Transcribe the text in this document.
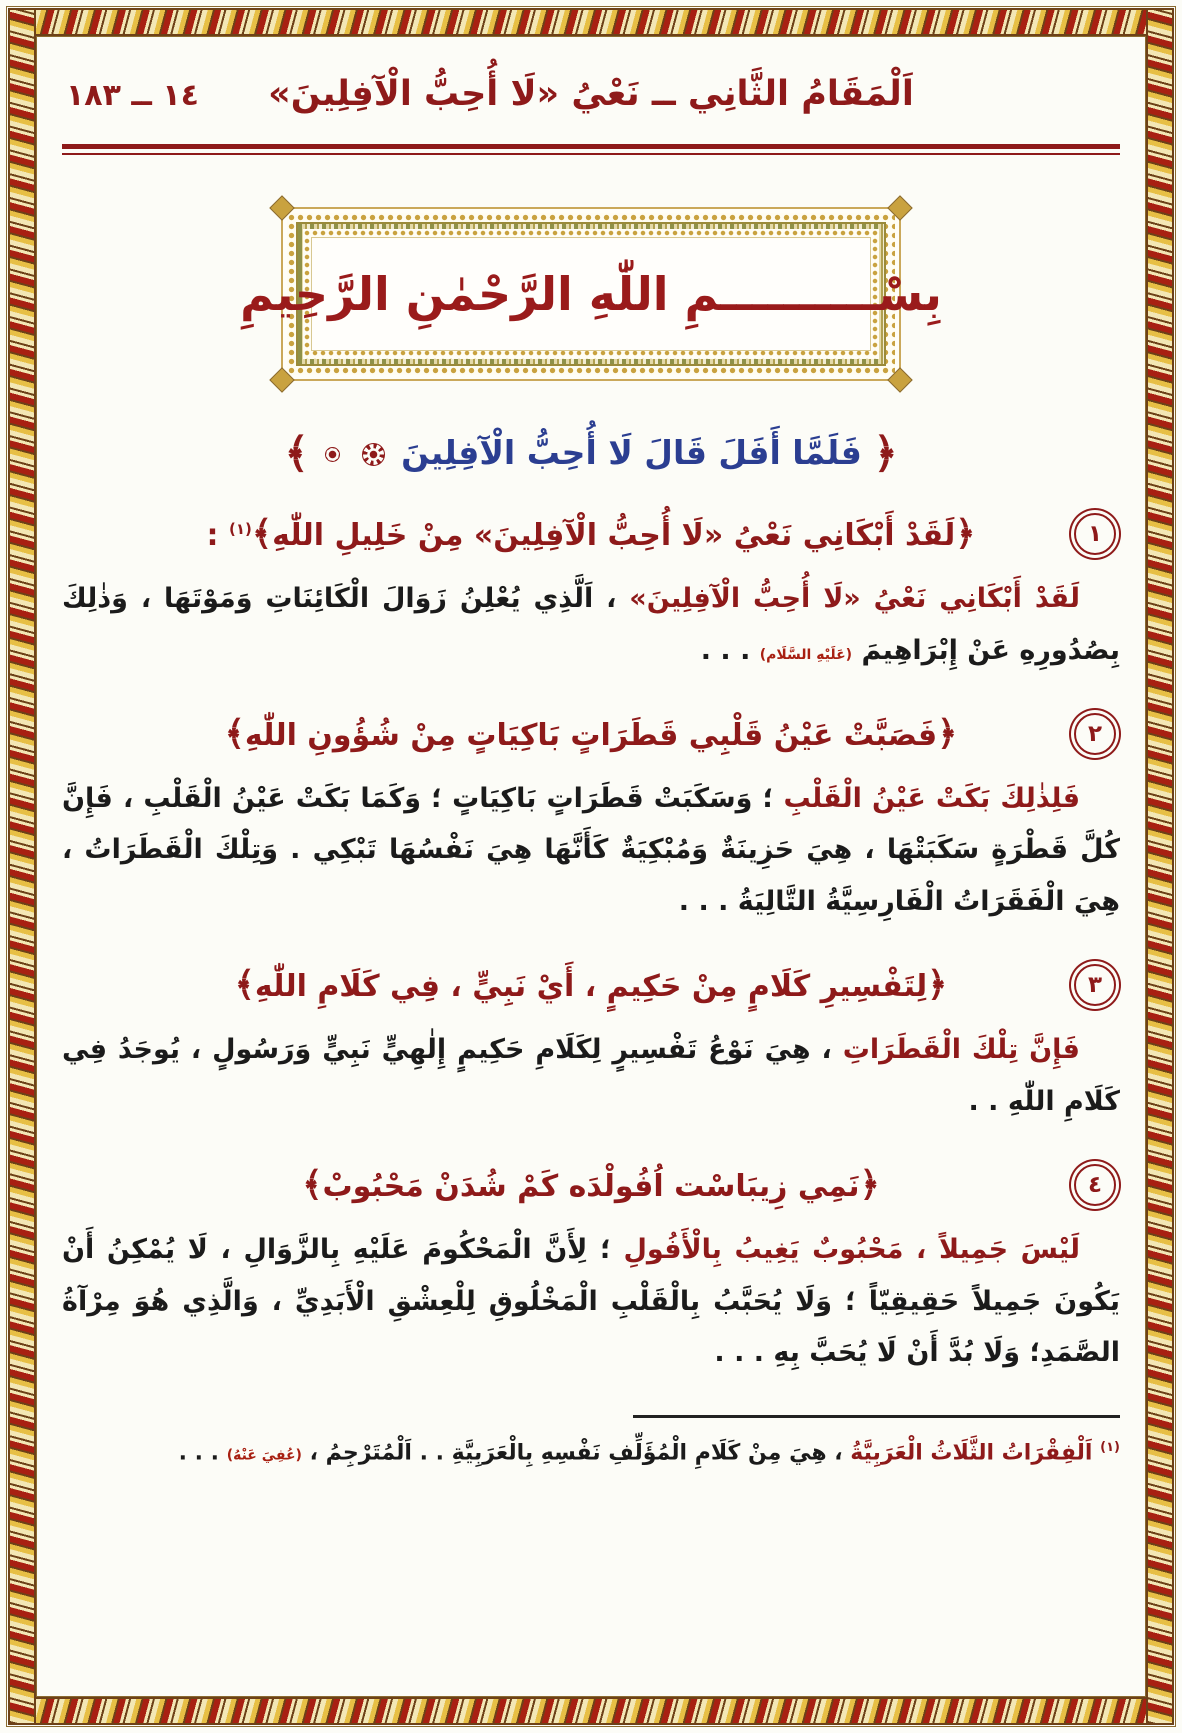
اَلْمَقَامُ الثَّانِي ــ نَعْيُ «لَا أُحِبُّ الْآفِلِينَ»
١٤ ــ ١٨٣
بِسْــــــــــمِ اللّٰهِ الرَّحْمٰنِ الرَّحِيمِ
﴿ فَلَمَّا أَفَلَ قَالَ لَا أُحِبُّ الْآفِلِينَ   ﴾
١
﴿لَقَدْ أَبْكَانِي نَعْيُ «لَا أُحِبُّ الْآفِلِينَ» مِنْ خَلِيلِ اللّٰهِ﴾$^{(١)}$ :

لَقَدْ أَبْكَانِي نَعْيُ «لَا أُحِبُّ الْآفِلِينَ» ، اَلَّذِي يُعْلِنُ زَوَالَ الْكَائِنَاتِ وَمَوْتَهَا ، وَذٰلِكَ بِصُدُورِهِ عَنْ إِبْرَاهِيمَ (عَلَيْهِ السَّلَام) . . .

٢
﴿فَصَبَّتْ عَيْنُ قَلْبِي قَطَرَاتٍ بَاكِيَاتٍ مِنْ شُؤُونِ اللّٰهِ﴾

فَلِذٰلِكَ بَكَتْ عَيْنُ الْقَلْبِ ؛ وَسَكَبَتْ قَطَرَاتٍ بَاكِيَاتٍ ؛ وَكَمَا بَكَتْ عَيْنُ الْقَلْبِ ، فَإِنَّ كُلَّ قَطْرَةٍ سَكَبَتْهَا ، هِيَ حَزِينَةٌ وَمُبْكِيَةٌ كَأَنَّهَا هِيَ نَفْسُهَا تَبْكِي . وَتِلْكَ الْقَطَرَاتُ ، هِيَ الْفَقَرَاتُ الْفَارِسِيَّةُ التَّالِيَةُ . . .

٣
﴿لِتَفْسِيرِ كَلَامٍ مِنْ حَكِيمٍ ، أَيْ نَبِيٍّ ، فِي كَلَامِ اللّٰهِ﴾

فَإِنَّ تِلْكَ الْقَطَرَاتِ ، هِيَ نَوْعُ تَفْسِيرٍ لِكَلَامِ حَكِيمٍ إِلٰهِيٍّ نَبِيٍّ وَرَسُولٍ ، يُوجَدُ فِي كَلَامِ اللّٰهِ . .

٤
﴿نَمِي زِيبَاسْت اُفُولْدَه كَمْ شُدَنْ مَحْبُوبْ﴾

لَيْسَ جَمِيلاً ، مَحْبُوبٌ يَغِيبُ بِالْأَفُولِ ؛ لِأَنَّ الْمَحْكُومَ عَلَيْهِ بِالزَّوَالِ ، لَا يُمْكِنُ أَنْ يَكُونَ جَمِيلاً حَقِيقِيّاً ؛ وَلَا يُحَبَّبُ بِالْقَلْبِ الْمَخْلُوقِ لِلْعِشْقِ الْأَبَدِيِّ ، وَالَّذِي هُوَ مِرْآةُ الصَّمَدِ؛ وَلَا بُدَّ أَنْ لَا يُحَبَّ بِهِ . . .

$^{(١)}$ اَلْفِقْرَاتُ الثَّلَاثُ الْعَرَبِيَّةُ ، هِيَ مِنْ كَلَامِ الْمُؤَلِّفِ نَفْسِهِ بِالْعَرَبِيَّةِ . . اَلْمُتَرْجِمُ ، (عُفِيَ عَنْهُ) . . .
